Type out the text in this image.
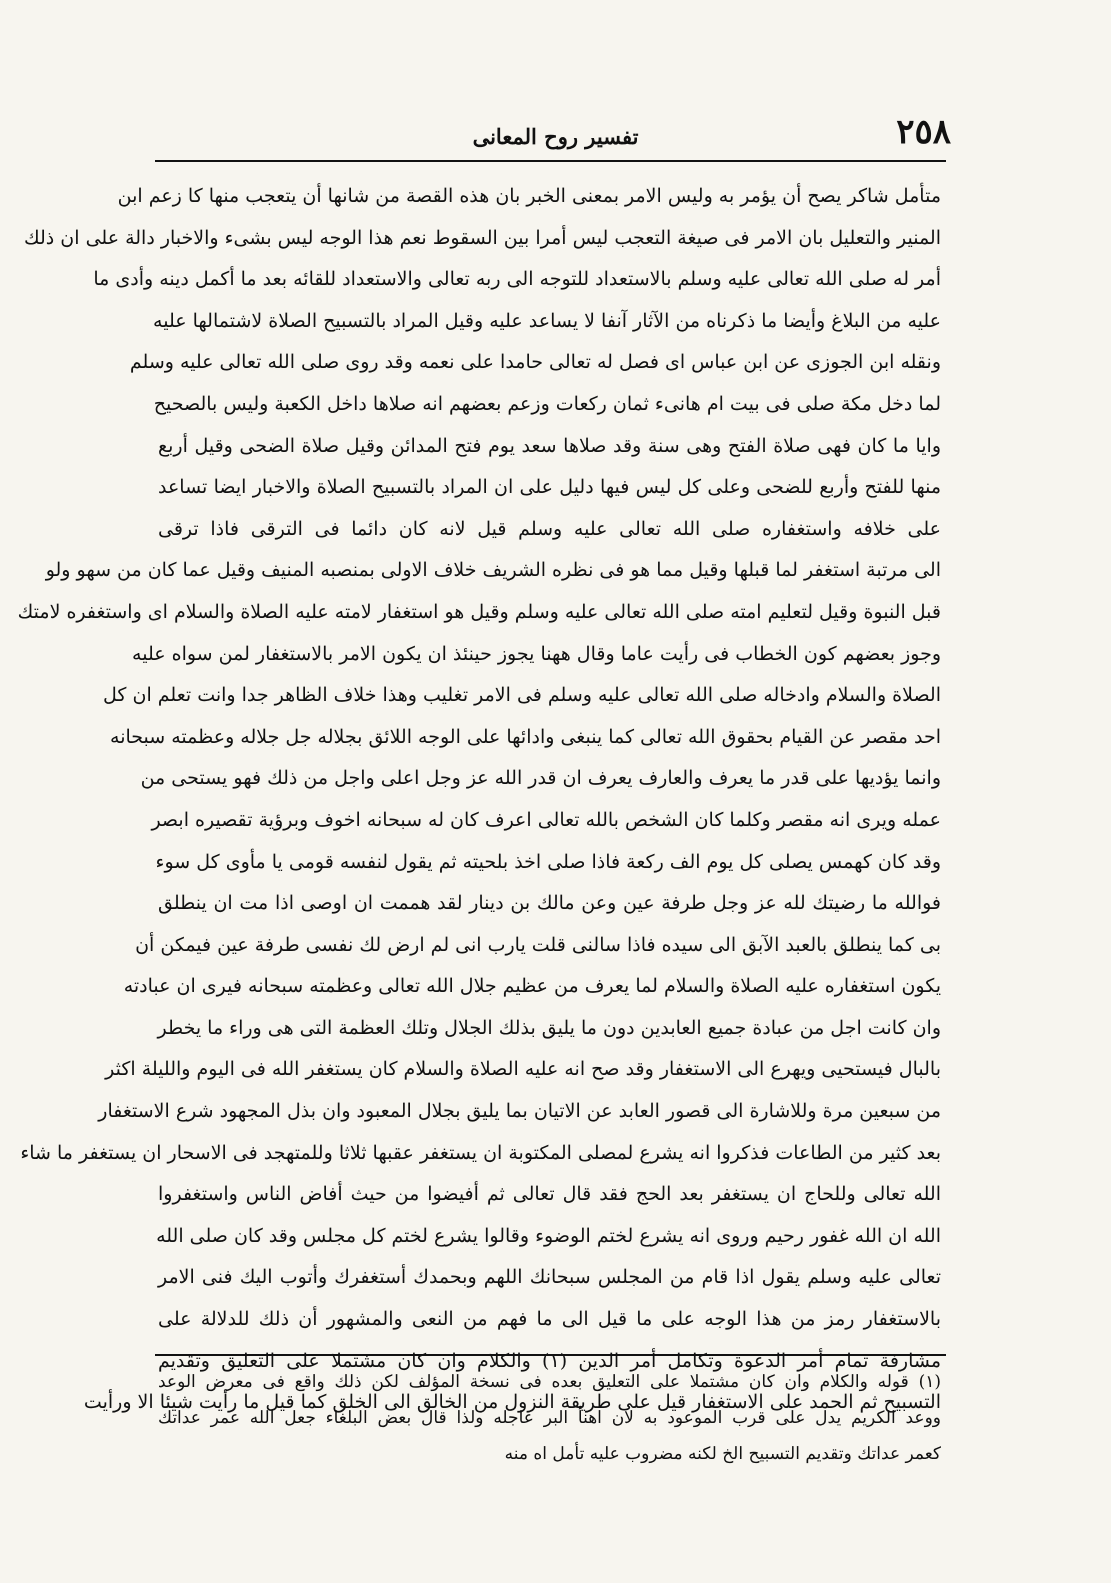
٢٥٨
تفسير روح المعانى
متأمل شاكر يصح أن يؤمر به وليس الامر بمعنى الخبر بان هذه القصة من شانها أن يتعجب منها كا زعم ابن
المنير والتعليل بان الامر فى صيغة التعجب ليس أمرا بين السقوط نعم هذا الوجه ليس بشىء والاخبار دالة على ان ذلك
أمر له صلى الله تعالى عليه وسلم بالاستعداد للتوجه الى ربه تعالى والاستعداد للقائه بعد ما أكمل دينه وأدى ما
عليه من البلاغ وأيضا ما ذكرناه من الآثار آنفا لا يساعد عليه وقيل المراد بالتسبيح الصلاة لاشتمالها عليه
ونقله ابن الجوزى عن ابن عباس اى فصل له تعالى حامدا على نعمه وقد روى صلى الله تعالى عليه وسلم
لما دخل مكة صلى فى بيت ام هانىء ثمان ركعات وزعم بعضهم انه صلاها داخل الكعبة وليس بالصحيح
وايا ما كان فهى صلاة الفتح وهى سنة وقد صلاها سعد يوم فتح المدائن وقيل صلاة الضحى وقيل أربع
منها للفتح وأربع للضحى وعلى كل ليس فيها دليل على ان المراد بالتسبيح الصلاة والاخبار ايضا تساعد
على خلافه واستغفاره صلى الله تعالى عليه وسلم قيل لانه كان دائما فى الترقى فاذا ترقى
الى مرتبة استغفر لما قبلها وقيل مما هو فى نظره الشريف خلاف الاولى بمنصبه المنيف وقيل عما كان من سهو ولو
قبل النبوة وقيل لتعليم امته صلى الله تعالى عليه وسلم وقيل هو استغفار لامته عليه الصلاة والسلام اى واستغفره لامتك
وجوز بعضهم كون الخطاب فى رأيت عاما وقال ههنا يجوز حينئذ ان يكون الامر بالاستغفار لمن سواه عليه
الصلاة والسلام وادخاله صلى الله تعالى عليه وسلم فى الامر تغليب وهذا خلاف الظاهر جدا وانت تعلم ان كل
احد مقصر عن القيام بحقوق الله تعالى كما ينبغى وادائها على الوجه اللائق بجلاله جل جلاله وعظمته سبحانه
وانما يؤديها على قدر ما يعرف والعارف يعرف ان قدر الله عز وجل اعلى واجل من ذلك فهو يستحى من
عمله ويرى انه مقصر وكلما كان الشخص بالله تعالى اعرف كان له سبحانه اخوف وبرؤية تقصيره ابصر
وقد كان كهمس يصلى كل يوم الف ركعة فاذا صلى اخذ بلحيته ثم يقول لنفسه قومى يا مأوى كل سوء
فوالله ما رضيتك لله عز وجل طرفة عين وعن مالك بن دينار لقد هممت ان اوصى اذا مت ان ينطلق
بى كما ينطلق بالعبد الآبق الى سيده فاذا سالنى قلت يارب انى لم ارض لك نفسى طرفة عين فيمكن أن
يكون استغفاره عليه الصلاة والسلام لما يعرف من عظيم جلال الله تعالى وعظمته سبحانه فيرى ان عبادته
وان كانت اجل من عبادة جميع العابدين دون ما يليق بذلك الجلال وتلك العظمة التى هى وراء ما يخطر
بالبال فيستحيى ويهرع الى الاستغفار وقد صح انه عليه الصلاة والسلام كان يستغفر الله فى اليوم والليلة اكثر
من سبعين مرة وللاشارة الى قصور العابد عن الاتيان بما يليق بجلال المعبود وان بذل المجهود شرع الاستغفار
بعد كثير من الطاعات فذكروا انه يشرع لمصلى المكتوبة ان يستغفر عقبها ثلاثا وللمتهجد فى الاسحار ان يستغفر ما شاء
الله تعالى وللحاج ان يستغفر بعد الحج فقد قال تعالى ثم أفيضوا من حيث أفاض الناس واستغفروا
الله ان الله غفور رحيم وروى انه يشرع لختم الوضوء وقالوا يشرع لختم كل مجلس وقد كان صلى الله
تعالى عليه وسلم يقول اذا قام من المجلس سبحانك اللهم وبحمدك أستغفرك وأتوب اليك فنى الامر
بالاستغفار رمز من هذا الوجه على ما قيل الى ما فهم من النعى والمشهور أن ذلك للدلالة على
مشارفة تمام أمر الدعوة وتكامل أمر الدين (١) والكلام وان كان مشتملا على التعليق وتقديم
التسبيح ثم الحمد على الاستغفار قيل على طريقة النزول من الخالق الى الخلق كما قيل ما رأيت شيئا الا ورأيت
(١) قوله والكلام وان كان مشتملا على التعليق بعده فى نسخة المؤلف لكن ذلك واقع فى معرض الوعد
ووعد الكريم يدل على قرب الموعود به لان اهنأ البر عاجله ولذا قال بعض البلغاء جعل الله عمر عداتك
كعمر عداتك وتقديم التسبيح الخ لكنه مضروب عليه تأمل اه منه
